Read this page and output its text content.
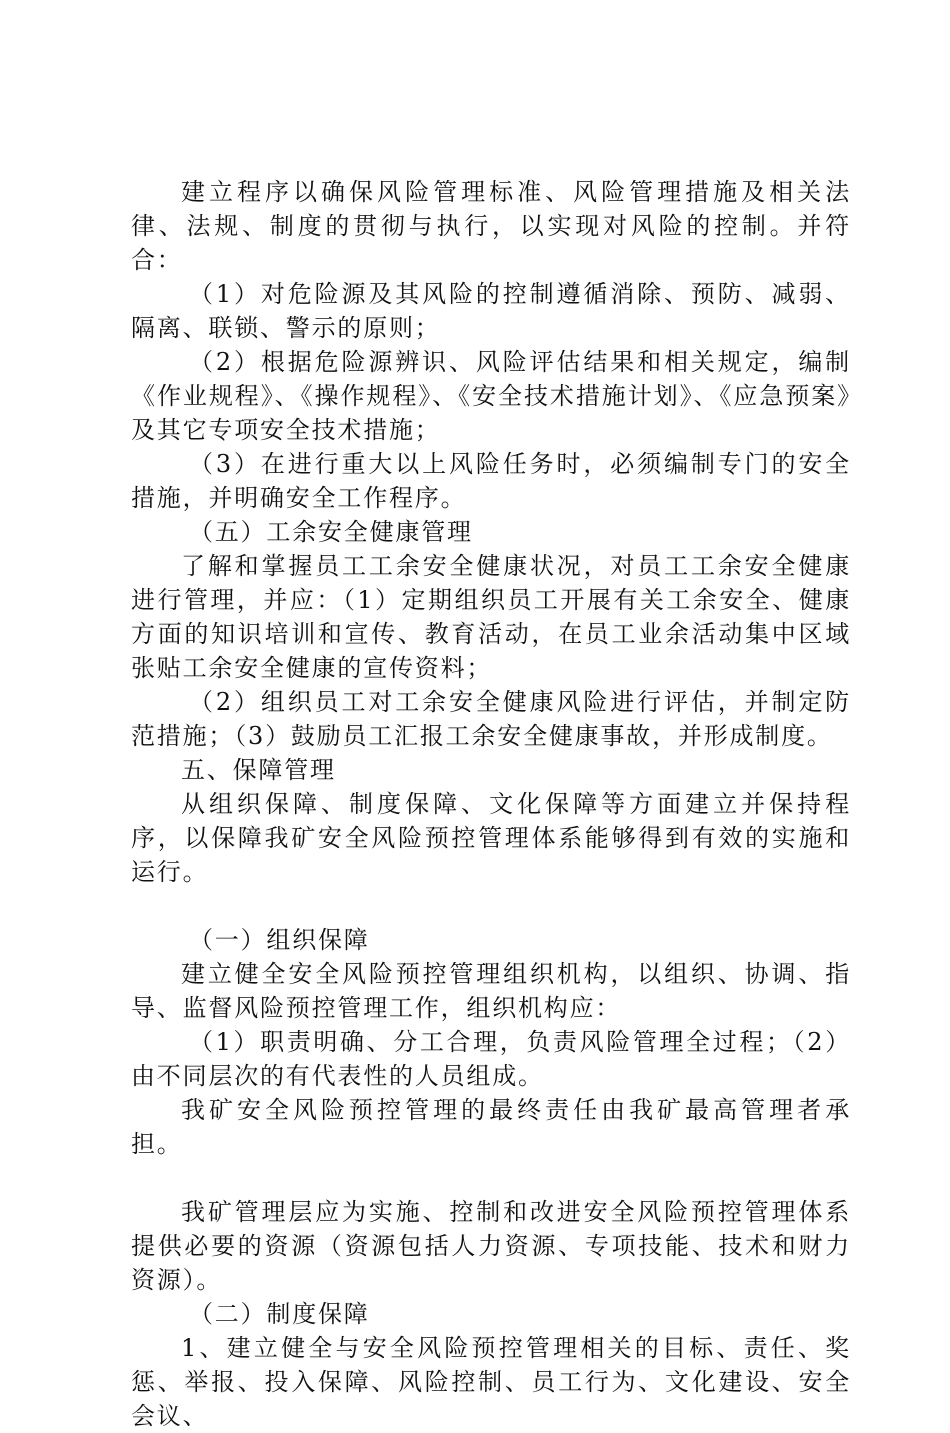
建立程序以确保风险管理标准、风险管理措施及相关法律、法规、制度的贯彻与执行，以实现对风险的控制。并符合：

（1）对危险源及其风险的控制遵循消除、预防、减弱、隔离、联锁、警示的原则；

（2）根据危险源辨识、风险评估结果和相关规定，编制《作业规程》、《操作规程》、《安全技术措施计划》、《应急预案》及其它专项安全技术措施；

（3）在进行重大以上风险任务时，必须编制专门的安全措施，并明确安全工作程序。

（五）工余安全健康管理

了解和掌握员工工余安全健康状况，对员工工余安全健康进行管理，并应：（1）定期组织员工开展有关工余安全、健康方面的知识培训和宣传、教育活动，在员工业余活动集中区域张贴工余安全健康的宣传资料；

（2）组织员工对工余安全健康风险进行评估，并制定防范措施；（3）鼓励员工汇报工余安全健康事故，并形成制度。

五、保障管理

从组织保障、制度保障、文化保障等方面建立并保持程序，以保障我矿安全风险预控管理体系能够得到有效的实施和运行。

（一）组织保障

建立健全安全风险预控管理组织机构，以组织、协调、指导、监督风险预控管理工作，组织机构应：

（1）职责明确、分工合理，负责风险管理全过程；（2）由不同层次的有代表性的人员组成。

我矿安全风险预控管理的最终责任由我矿最高管理者承担。

我矿管理层应为实施、控制和改进安全风险预控管理体系提供必要的资源（资源包括人力资源、专项技能、技术和财力资源）。

（二）制度保障

1、建立健全与安全风险预控管理相关的目标、责任、奖惩、举报、投入保障、风险控制、员工行为、文化建设、安全会议、
